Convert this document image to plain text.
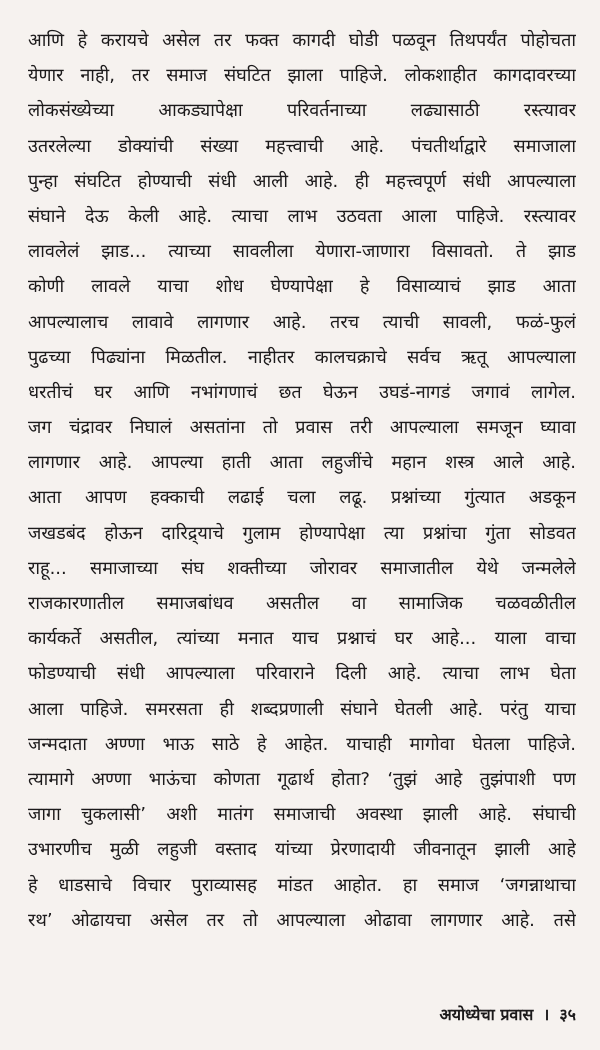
आणि हे करायचे असेल तर फक्त कागदी घोडी पळवून तिथपर्यंत पोहोचता
येणार नाही, तर समाज संघटित झाला पाहिजे. लोकशाहीत कागदावरच्या
लोकसंख्येच्या आकड्यापेक्षा परिवर्तनाच्या लढ्यासाठी रस्त्यावर
उतरलेल्या डोक्यांची संख्या महत्त्वाची आहे. पंचतीर्थाद्वारे समाजाला
पुन्हा संघटित होण्याची संधी आली आहे. ही महत्त्वपूर्ण संधी आपल्याला
संघाने देऊ केली आहे. त्याचा लाभ उठवता आला पाहिजे. रस्त्यावर
लावलेलं झाड... त्याच्या सावलीला येणारा-जाणारा विसावतो. ते झाड
कोणी लावले याचा शोध घेण्यापेक्षा हे विसाव्याचं झाड आता
आपल्यालाच लावावे लागणार आहे. तरच त्याची सावली, फळं-फुलं
पुढच्या पिढ्यांना मिळतील. नाहीतर कालचक्राचे सर्वच ऋतू आपल्याला
धरतीचं घर आणि नभांगणाचं छत घेऊन उघडं-नागडं जगावं लागेल.
जग चंद्रावर निघालं असतांना तो प्रवास तरी आपल्याला समजून घ्यावा
लागणार आहे. आपल्या हाती आता लहुजींचे महान शस्त्र आले आहे.
आता आपण हक्काची लढाई चला लढू. प्रश्नांच्या गुंत्यात अडकून
जखडबंद होऊन दारिद्र्याचे गुलाम होण्यापेक्षा त्या प्रश्नांचा गुंता सोडवत
राहू... समाजाच्या संघ शक्तीच्या जोरावर समाजातील येथे जन्मलेले
राजकारणातील समाजबांधव असतील वा सामाजिक चळवळीतील
कार्यकर्ते असतील, त्यांच्या मनात याच प्रश्नाचं घर आहे... याला वाचा
फोडण्याची संधी आपल्याला परिवाराने दिली आहे. त्याचा लाभ घेता
आला पाहिजे. समरसता ही शब्दप्रणाली संघाने घेतली आहे. परंतु याचा
जन्मदाता अण्णा भाऊ साठे हे आहेत. याचाही मागोवा घेतला पाहिजे.
त्यामागे अण्णा भाऊंचा कोणता गूढार्थ होता? ‘तुझं आहे तुझंपाशी पण
जागा चुकलासी’ अशी मातंग समाजाची अवस्था झाली आहे. संघाची
उभारणीच मुळी लहुजी वस्ताद यांच्या प्रेरणादायी जीवनातून झाली आहे
हे धाडसाचे विचार पुराव्यासह मांडत आहोत. हा समाज ‘जगन्नाथाचा
रथ’ ओढायचा असेल तर तो आपल्याला ओढावा लागणार आहे. तसे
अयोध्येचा प्रवास । ३५
